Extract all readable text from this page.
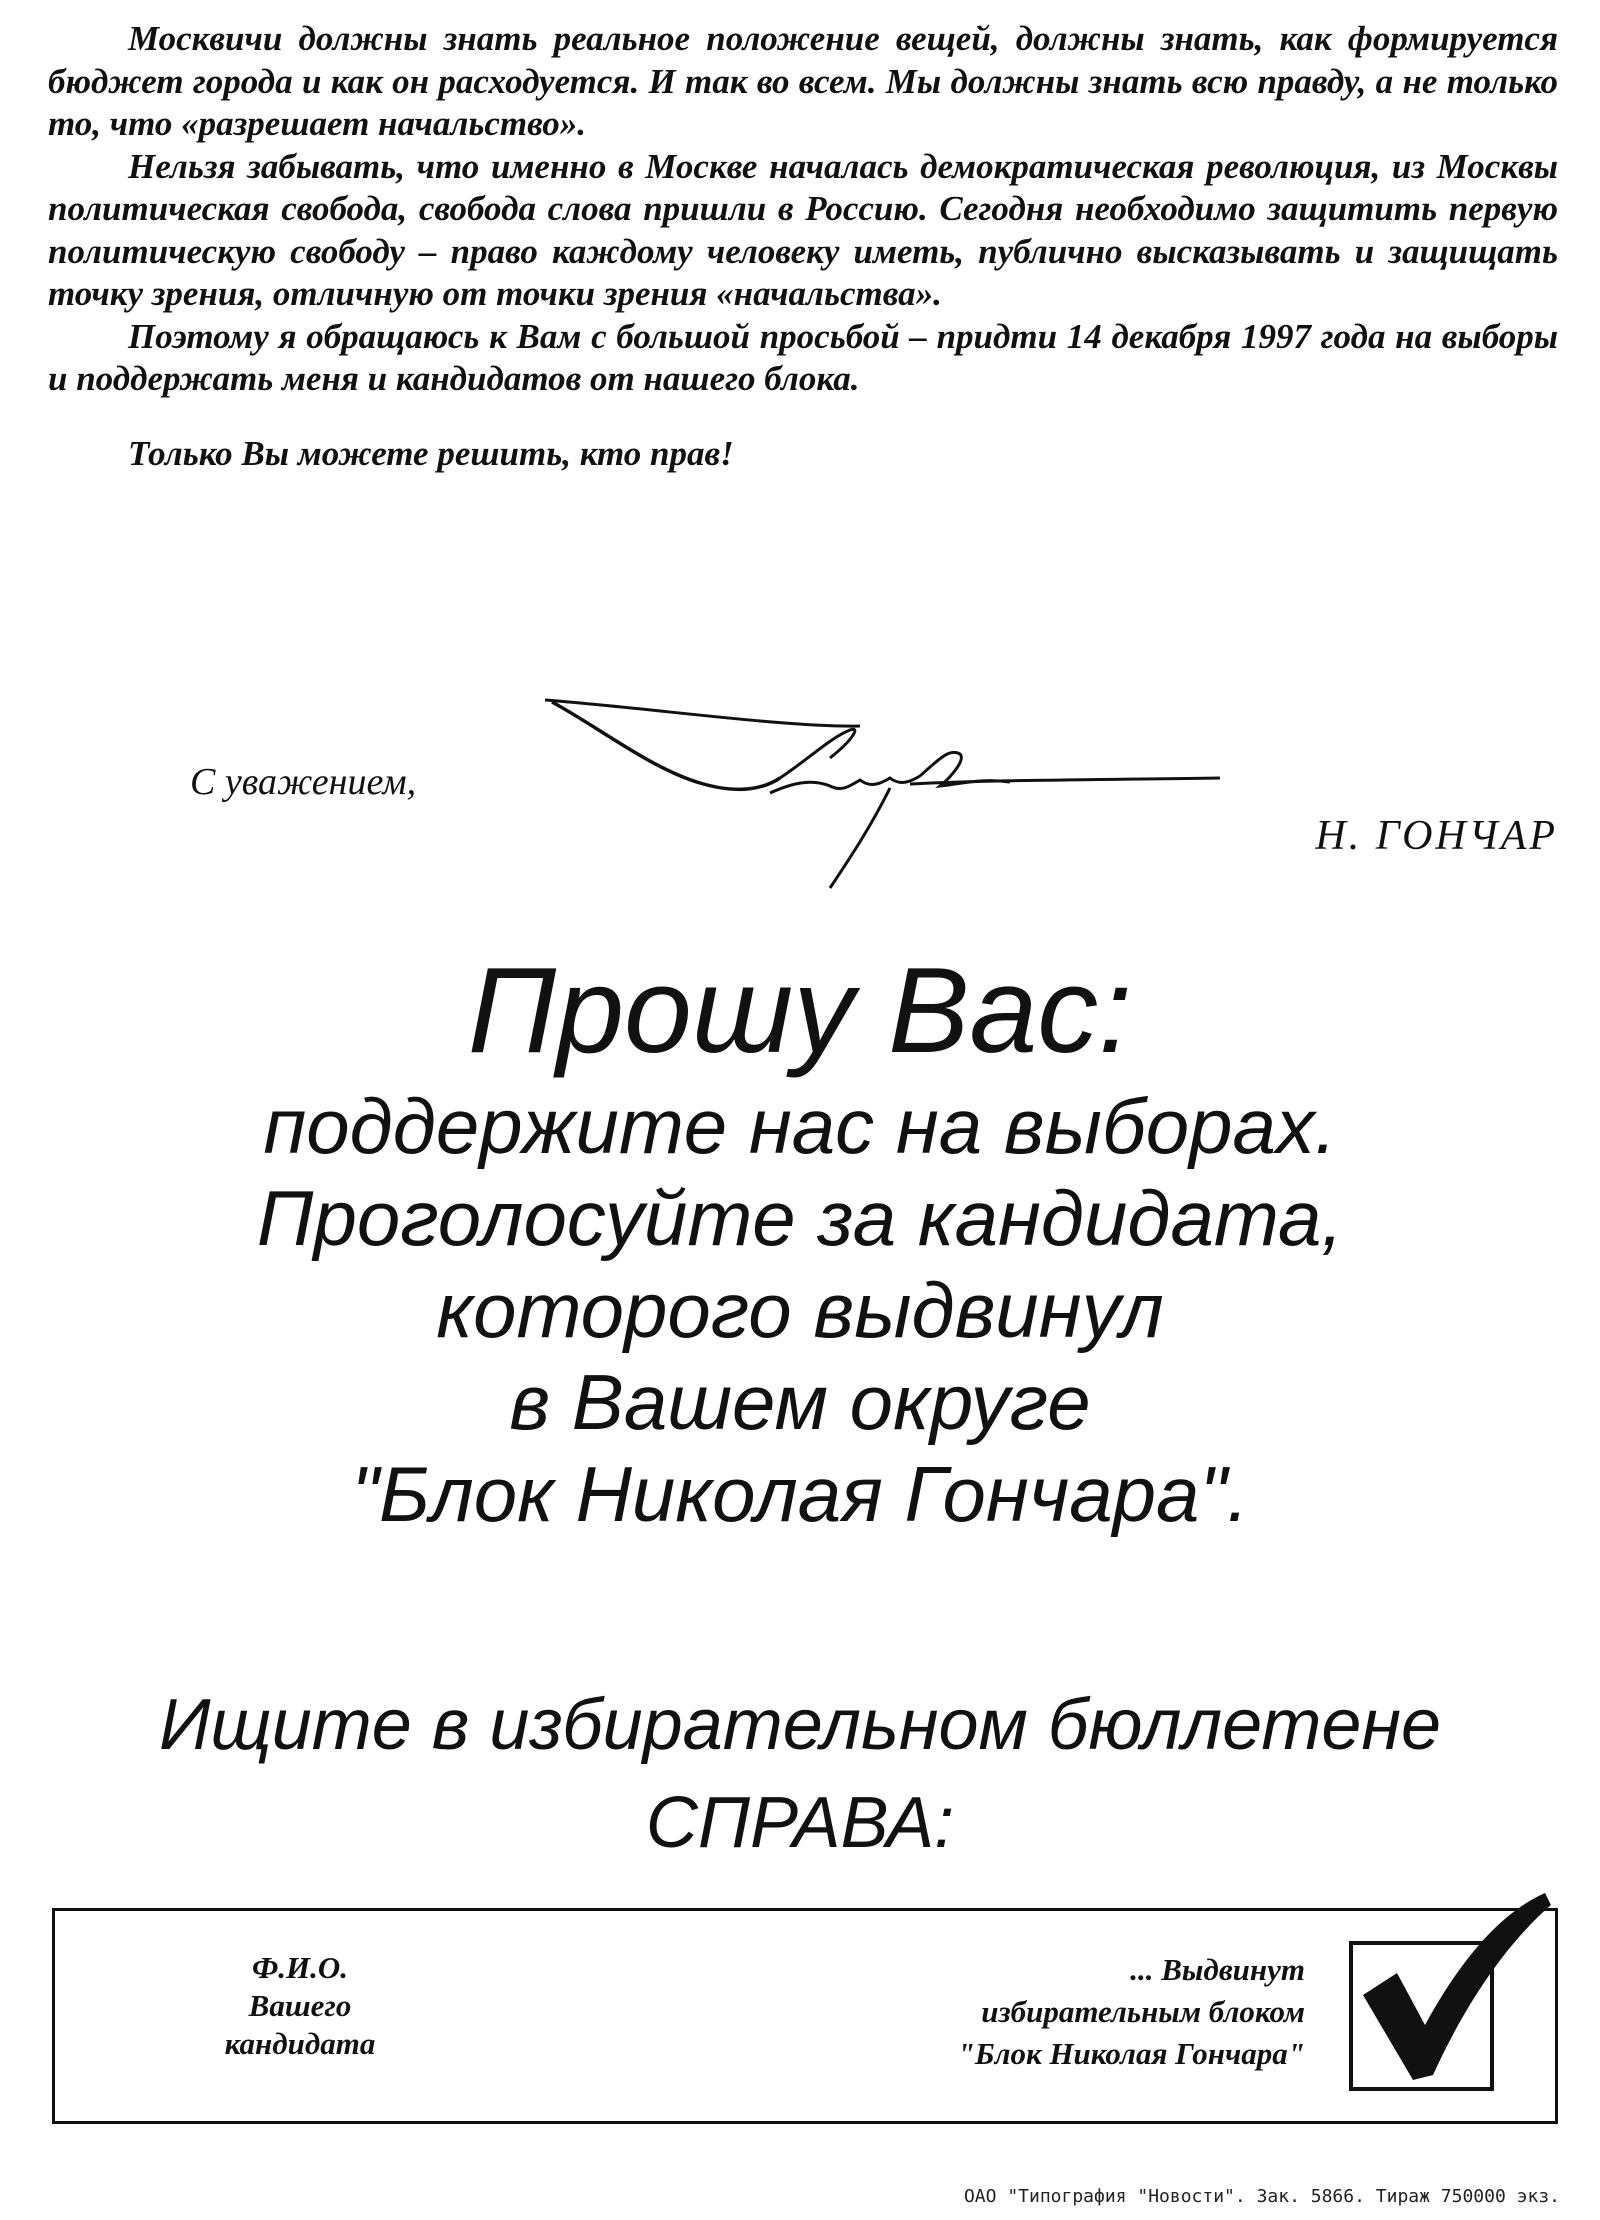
Москвичи должны знать реальное положение вещей, должны знать, как формируется бюджет города и как он расходуется. И так во всем. Мы должны знать всю правду, а не только то, что «разрешает начальство».

Нельзя забывать, что именно в Москве началась демократическая революция, из Москвы политическая свобода, свобода слова пришли в Россию. Сегодня необходимо защитить первую политическую свободу – право каждому человеку иметь, публично высказывать и защищать точку зрения, отличную от точки зрения «начальства».

Поэтому я обращаюсь к Вам с большой просьбой – придти 14 декабря 1997 года на выборы и поддержать меня и кандидатов от нашего блока.

Только Вы можете решить, кто прав!

С уважением,
Н. ГОНЧАР
Прошу Вас:
поддержите нас на выборах.
Проголосуйте за кандидата,
которого выдвинул
в Вашем округе
"Блок Николая Гончара".
Ищите в избирательном бюллетене
СПРАВА:
Ф.И.О.
Вашего кандидата
... Выдвинут
избирательным блоком
"Блок Николая Гончара"
ОАО "Типография "Новости". Зак. 5866. Тираж 750000 экз.
